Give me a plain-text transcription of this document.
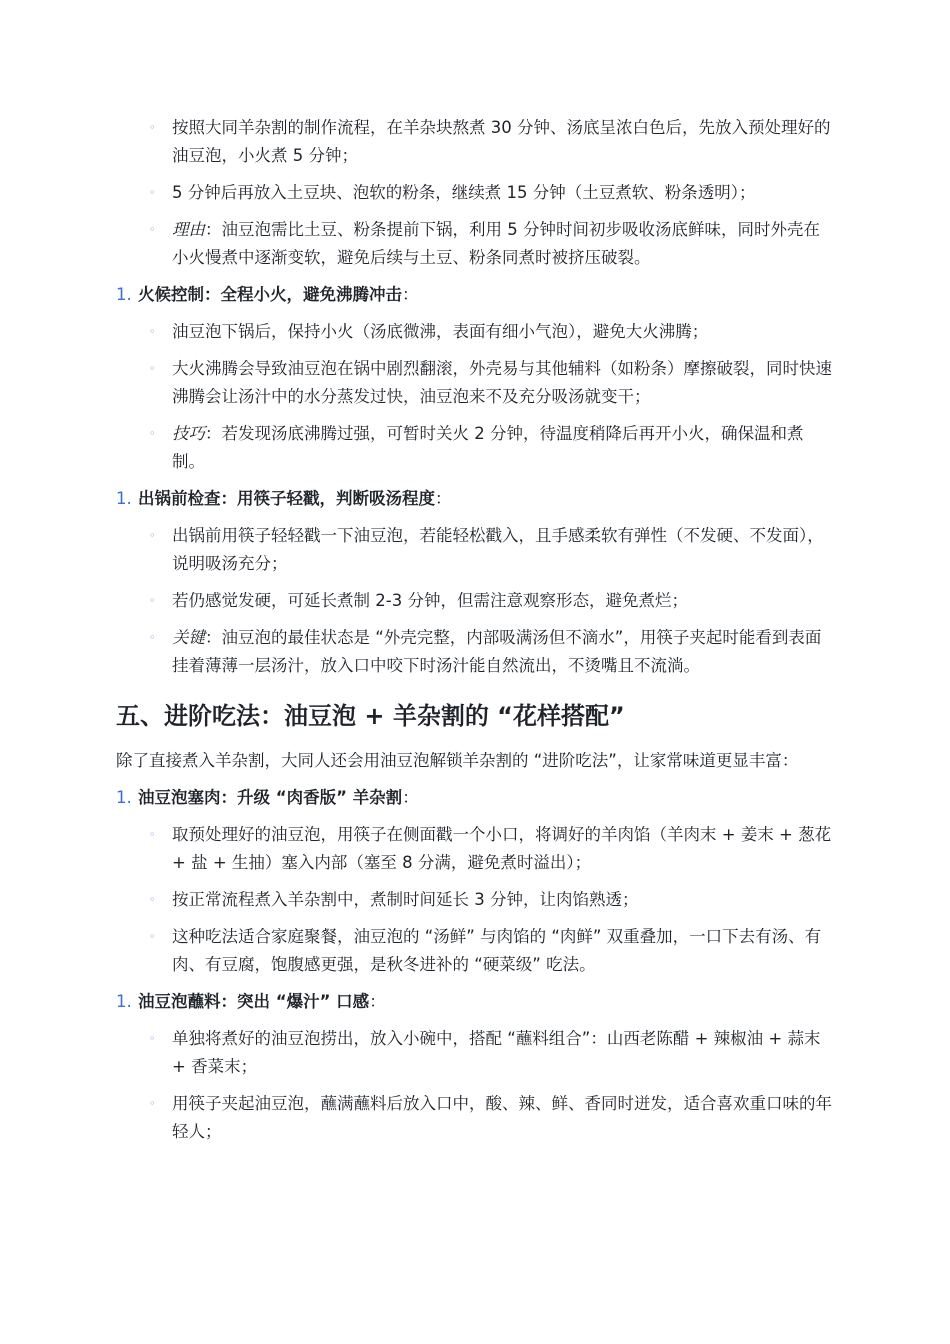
◦ 按照大同羊杂割的制作流程，在羊杂块熬煮 30 分钟、汤底呈浓白色后，先放入预处理好的油豆泡，小火煮 5 分钟；
◦ 5 分钟后再放入土豆块、泡软的粉条，继续煮 15 分钟（土豆煮软、粉条透明）；
◦ 理由：油豆泡需比土豆、粉条提前下锅，利用 5 分钟时间初步吸收汤底鲜味，同时外壳在小火慢煮中逐渐变软，避免后续与土豆、粉条同煮时被挤压破裂。
1. 火候控制：全程小火，避免沸腾冲击：
◦ 油豆泡下锅后，保持小火（汤底微沸，表面有细小气泡），避免大火沸腾；
◦ 大火沸腾会导致油豆泡在锅中剧烈翻滚，外壳易与其他辅料（如粉条）摩擦破裂，同时快速沸腾会让汤汁中的水分蒸发过快，油豆泡来不及充分吸汤就变干；
◦ 技巧：若发现汤底沸腾过强，可暂时关火 2 分钟，待温度稍降后再开小火，确保温和煮制。
1. 出锅前检查：用筷子轻戳，判断吸汤程度：
◦ 出锅前用筷子轻轻戳一下油豆泡，若能轻松戳入，且手感柔软有弹性（不发硬、不发面），说明吸汤充分；
◦ 若仍感觉发硬，可延长煮制 2-3 分钟，但需注意观察形态，避免煮烂；
◦ 关键：油豆泡的最佳状态是 “外壳完整，内部吸满汤但不滴水”，用筷子夹起时能看到表面挂着薄薄一层汤汁，放入口中咬下时汤汁能自然流出，不烫嘴且不流淌。
五、进阶吃法：油豆泡 + 羊杂割的 “花样搭配”
除了直接煮入羊杂割，大同人还会用油豆泡解锁羊杂割的 “进阶吃法”，让家常味道更显丰富：
1. 油豆泡塞肉：升级 “肉香版” 羊杂割：
◦ 取预处理好的油豆泡，用筷子在侧面戳一个小口，将调好的羊肉馅（羊肉末 + 姜末 + 葱花 + 盐 + 生抽）塞入内部（塞至 8 分满，避免煮时溢出）；
◦ 按正常流程煮入羊杂割中，煮制时间延长 3 分钟，让肉馅熟透；
◦ 这种吃法适合家庭聚餐，油豆泡的 “汤鲜” 与肉馅的 “肉鲜” 双重叠加，一口下去有汤、有肉、有豆腐，饱腹感更强，是秋冬进补的 “硬菜级” 吃法。
1. 油豆泡蘸料：突出 “爆汁” 口感：
◦ 单独将煮好的油豆泡捞出，放入小碗中，搭配 “蘸料组合”：山西老陈醋 + 辣椒油 + 蒜末 + 香菜末；
◦ 用筷子夹起油豆泡，蘸满蘸料后放入口中，酸、辣、鲜、香同时迸发，适合喜欢重口味的年轻人；
